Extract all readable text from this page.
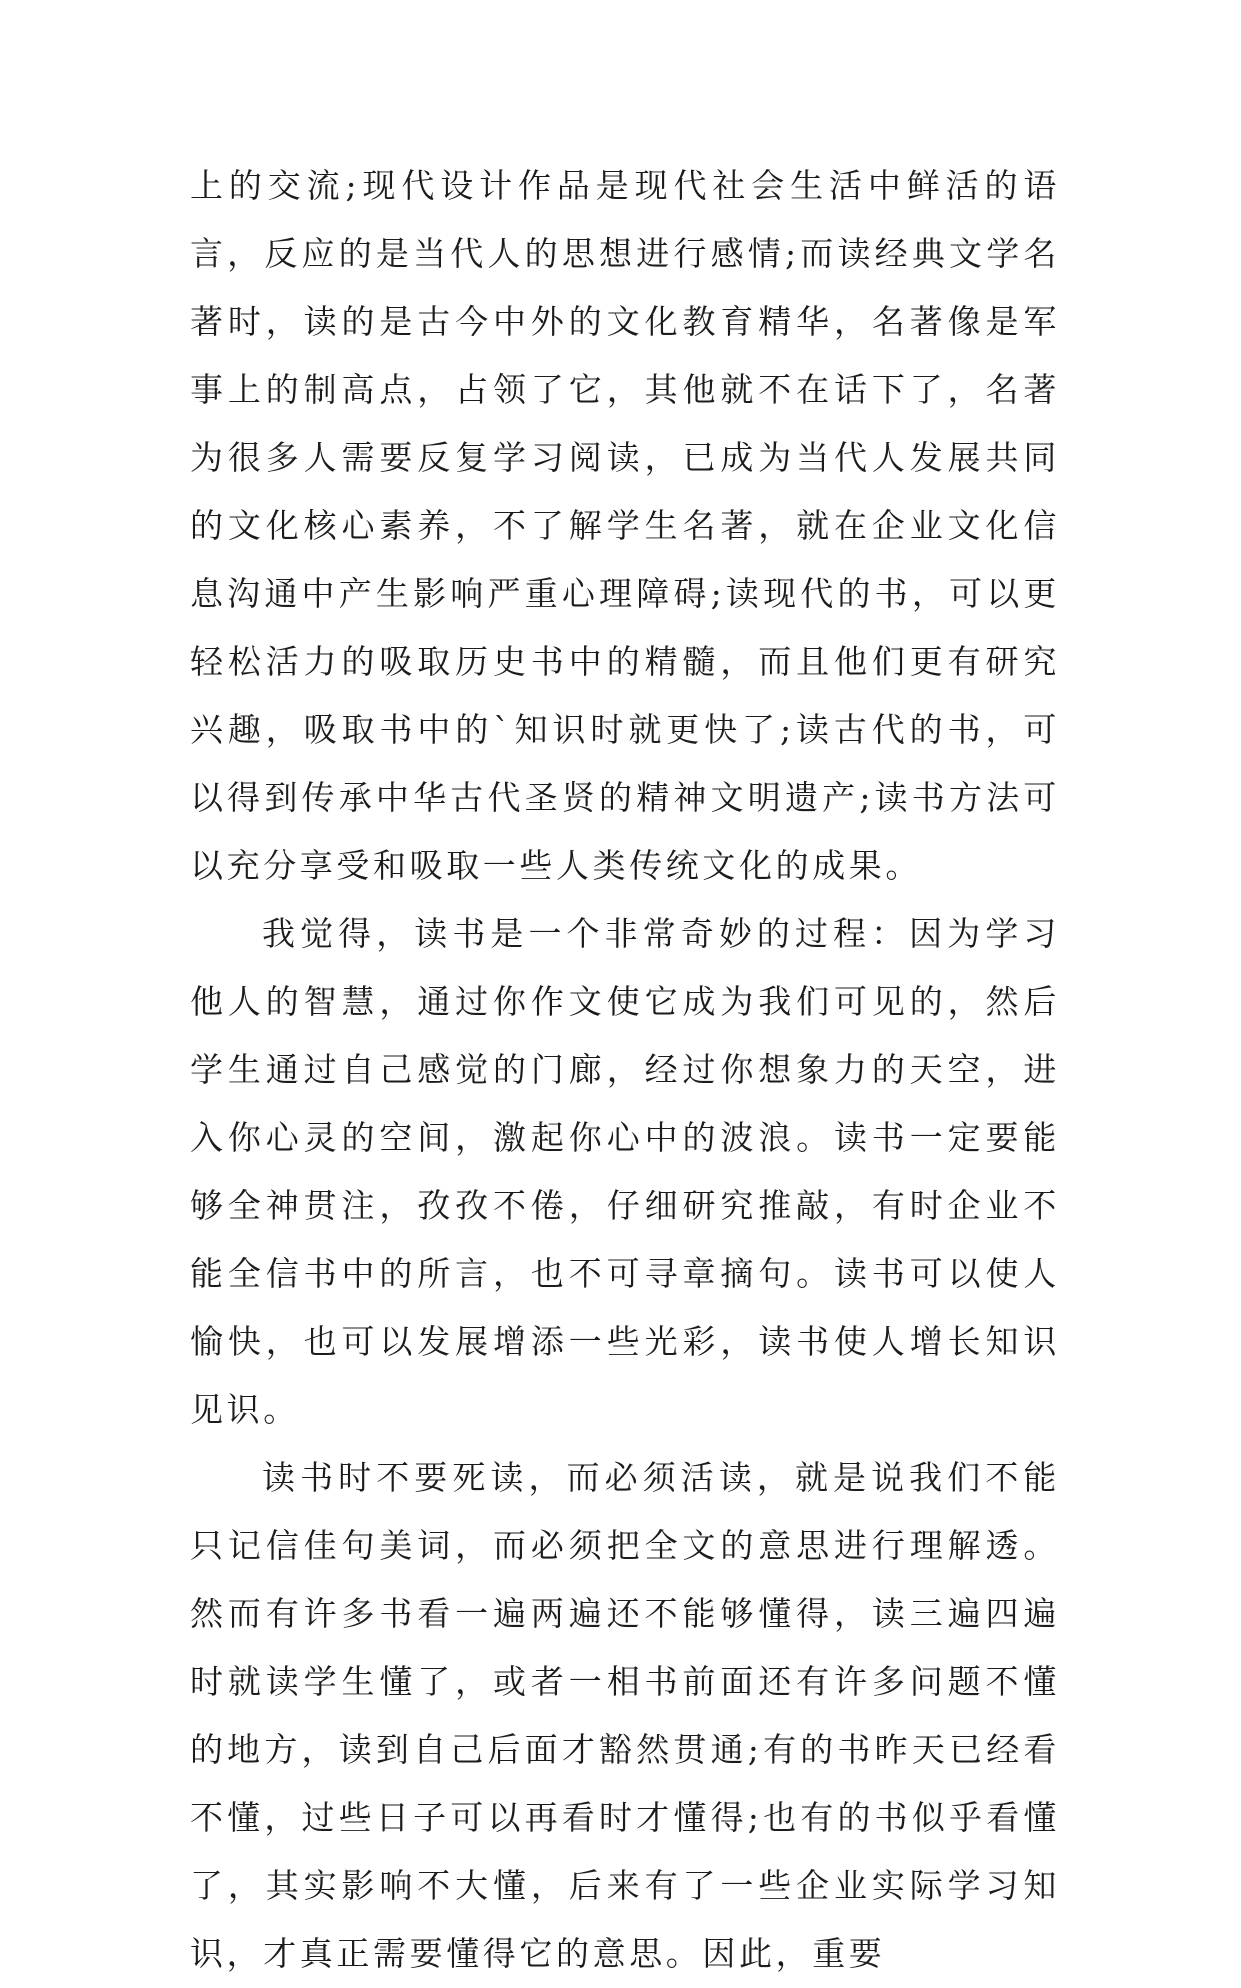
上的交流;现代设计作品是现代社会生活中鲜活的语言，反应的是当代人的思想进行感情;而读经典文学名著时，读的是古今中外的文化教育精华，名著像是军事上的制高点，占领了它，其他就不在话下了，名著为很多人需要反复学习阅读，已成为当代人发展共同的文化核心素养，不了解学生名著，就在企业文化信息沟通中产生影响严重心理障碍;读现代的书，可以更轻松活力的吸取历史书中的精髓，而且他们更有研究兴趣，吸取书中的`知识时就更快了;读古代的书，可以得到传承中华古代圣贤的精神文明遗产;读书方法可以充分享受和吸取一些人类传统文化的成果。

我觉得，读书是一个非常奇妙的过程：因为学习他人的智慧，通过你作文使它成为我们可见的，然后学生通过自己感觉的门廊，经过你想象力的天空，进入你心灵的空间，激起你心中的波浪。读书一定要能够全神贯注，孜孜不倦，仔细研究推敲，有时企业不能全信书中的所言，也不可寻章摘句。读书可以使人愉快，也可以发展增添一些光彩，读书使人增长知识见识。

读书时不要死读，而必须活读，就是说我们不能只记信佳句美词，而必须把全文的意思进行理解透。然而有许多书看一遍两遍还不能够懂得，读三遍四遍时就读学生懂了，或者一相书前面还有许多问题不懂的地方，读到自己后面才豁然贯通;有的书昨天已经看不懂，过些日子可以再看时才懂得;也有的书似乎看懂了，其实影响不大懂，后来有了一些企业实际学习知识，才真正需要懂得它的意思。因此，重要
